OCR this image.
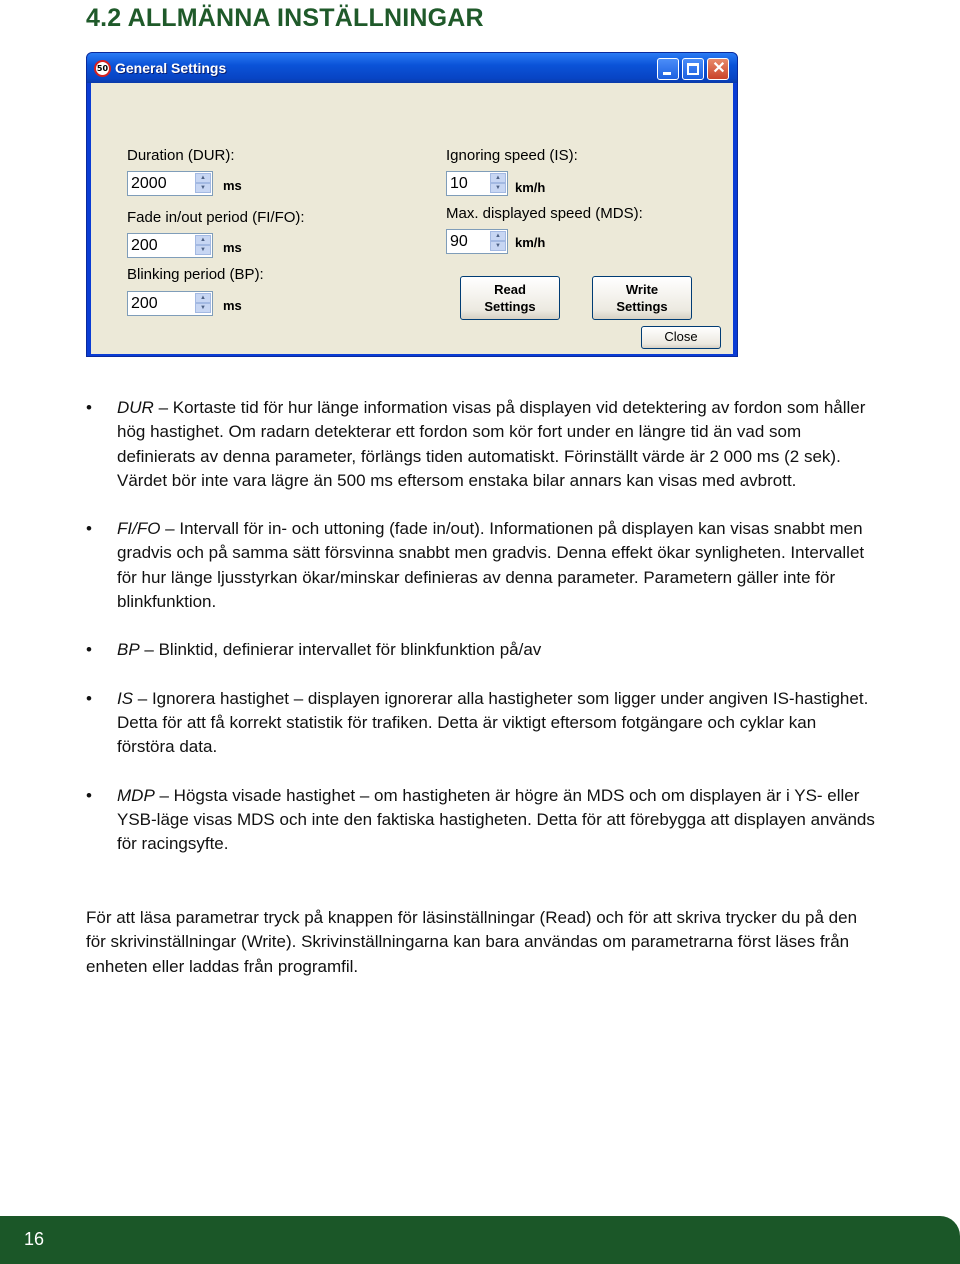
4.2 ALLMÄNNA INSTÄLLNINGAR
50 General Settings	✕
Duration (DUR):
2000	▲
▼	ms
Fade in/out period (FI/FO):
200	▲
▼	ms
Blinking period (BP):
200	▲
▼	ms
Ignoring speed (IS):
10	▲
▼	km/h
Max. displayed speed (MDS):
90	▲
▼	km/h
Read
Settings
Write
Settings
Close
• DUR – Kortaste tid för hur länge information visas på displayen vid detektering av fordon som håller hög hastighet. Om radarn detekterar ett fordon som kör fort under en längre tid än vad som definierats av denna parameter, förlängs tiden automatiskt. Förinställt värde är 2 000 ms (2 sek). Värdet bör inte vara lägre än 500 ms eftersom enstaka bilar annars kan visas med avbrott.
• FI/FO – Intervall för in- och uttoning (fade in/out). Informationen på displayen kan visas snabbt men gradvis och på samma sätt försvinna snabbt men gradvis. Denna effekt ökar synligheten. Intervallet för hur länge ljusstyrkan ökar/minskar definieras av denna parameter. Parametern gäller inte för blinkfunktion.
• BP – Blinktid, definierar intervallet för blinkfunktion på/av
• IS – Ignorera hastighet – displayen ignorerar alla hastigheter som ligger under angiven IS-hastighet. Detta för att få korrekt statistik för trafiken. Detta är viktigt eftersom fotgängare och cyklar kan förstöra data.
• MDP – Högsta visade hastighet – om hastigheten är högre än MDS och om displayen är i YS- eller YSB-läge visas MDS och inte den faktiska hastigheten. Detta för att förebygga att displayen används för racingsyfte.
För att läsa parametrar tryck på knappen för läsinställningar (Read) och för att skriva trycker du på den för skrivinställningar (Write). Skrivinställningarna kan bara användas om parametrarna först läses från enheten eller laddas från programfil.
16
